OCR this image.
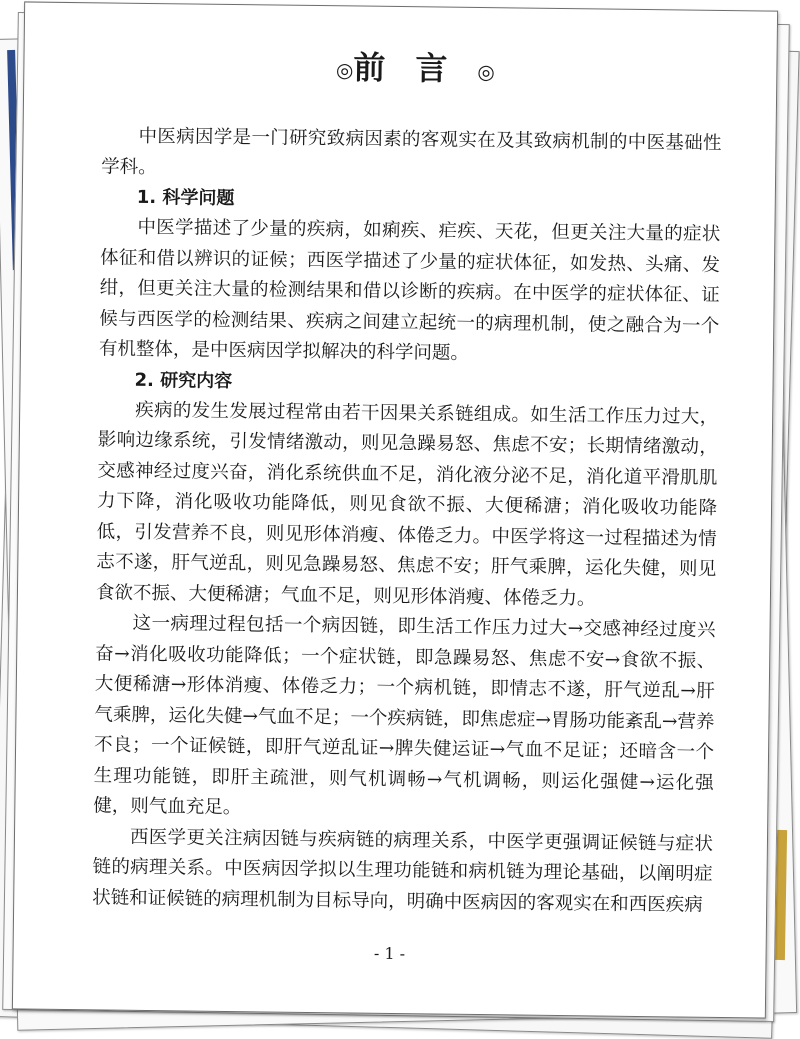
◎前言◎

中医病因学是一门研究致病因素的客观实在及其致病机制的中医基础性学科。

1. 科学问题

中医学描述了少量的疾病，如痢疾、疟疾、天花，但更关注大量的症状体征和借以辨识的证候；西医学描述了少量的症状体征，如发热、头痛、发绀，但更关注大量的检测结果和借以诊断的疾病。在中医学的症状体征、证候与西医学的检测结果、疾病之间建立起统一的病理机制，使之融合为一个有机整体，是中医病因学拟解决的科学问题。

2. 研究内容

疾病的发生发展过程常由若干因果关系链组成。如生活工作压力过大，影响边缘系统，引发情绪激动，则见急躁易怒、焦虑不安；长期情绪激动，交感神经过度兴奋，消化系统供血不足，消化液分泌不足，消化道平滑肌肌力下降，消化吸收功能降低，则见食欲不振、大便稀溏；消化吸收功能降低，引发营养不良，则见形体消瘦、体倦乏力。中医学将这一过程描述为情志不遂，肝气逆乱，则见急躁易怒、焦虑不安；肝气乘脾，运化失健，则见食欲不振、大便稀溏；气血不足，则见形体消瘦、体倦乏力。

这一病理过程包括一个病因链，即生活工作压力过大→交感神经过度兴奋→消化吸收功能降低；一个症状链，即急躁易怒、焦虑不安→食欲不振、大便稀溏→形体消瘦、体倦乏力；一个病机链，即情志不遂，肝气逆乱→肝气乘脾，运化失健→气血不足；一个疾病链，即焦虑症→胃肠功能紊乱→营养不良；一个证候链，即肝气逆乱证→脾失健运证→气血不足证；还暗含一个生理功能链，即肝主疏泄，则气机调畅→气机调畅，则运化强健→运化强健，则气血充足。

西医学更关注病因链与疾病链的病理关系，中医学更强调证候链与症状链的病理关系。中医病因学拟以生理功能链和病机链为理论基础，以阐明症状链和证候链的病理机制为目标导向，明确中医病因的客观实在和西医疾病

- 1 -
